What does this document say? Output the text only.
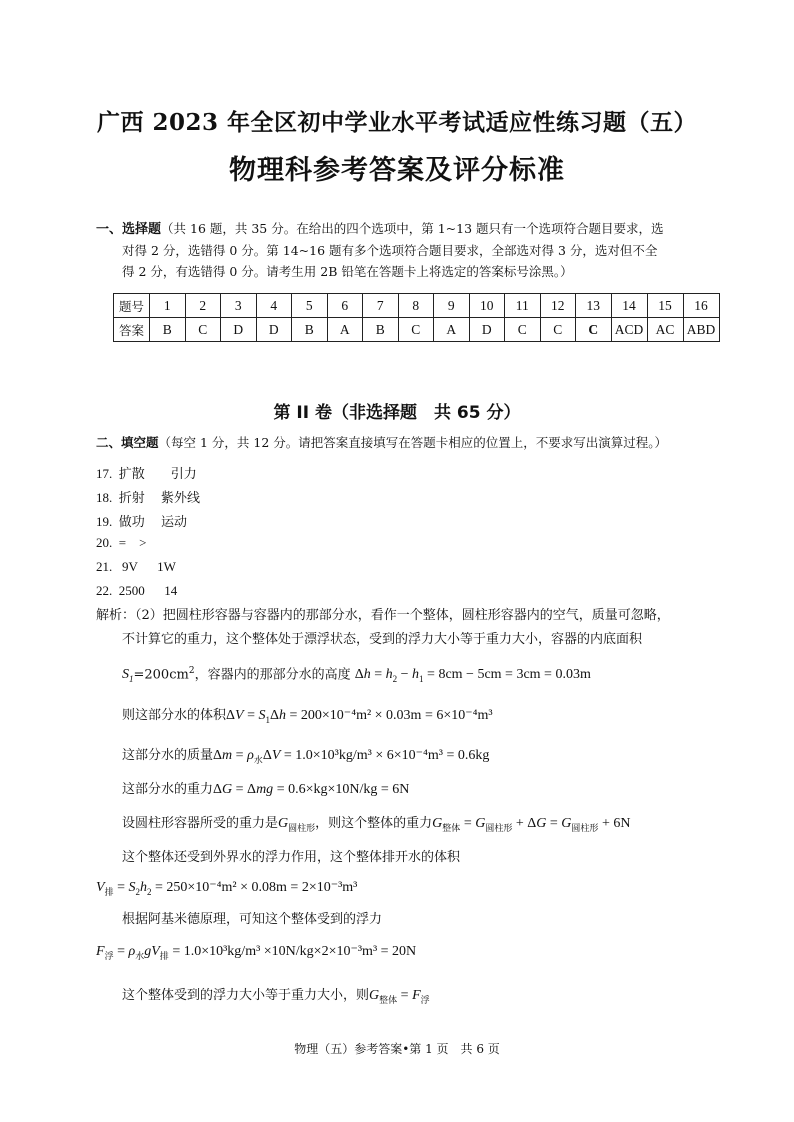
广西 2023 年全区初中学业水平考试适应性练习题（五）
物理科参考答案及评分标准
一、选择题（共 16 题，共 35 分。在给出的四个选项中，第 1~13 题只有一个选项符合题目要求，选
对得 2 分，选错得 0 分。第 14~16 题有多个选项符合题目要求，全部选对得 3 分，选对但不全
得 2 分，有选错得 0 分。请考生用 2B 铅笔在答题卡上将选定的答案标号涂黑。）
题号	1	2	3	4	5	6	7	8	9	10	11	12	13	14	15	16
答案	B	C	D	D	B	A	B	C	A	D	C	C	C	ACD	AC	ABD
第 II 卷（非选择题　共 65 分）
二、填空题（每空 1 分，共 12 分。请把答案直接填写在答题卡相应的位置上，不要求写出演算过程。）
17.  扩散        引力
18.  折射     紫外线
19.  做功     运动
20.  =    >
21.   9V      1W
22.  2500      14
解析：（2）把圆柱形容器与容器内的那部分水，看作一个整体，圆柱形容器内的空气，质量可忽略，
不计算它的重力，这个整体处于漂浮状态，受到的浮力大小等于重力大小，容器的内底面积
$S_1=200cm^2$，容器内的那部分水的高度 $\Delta h = h_2 - h_1 = 8cm - 5cm = 3cm = 0.03m$
则这部分水的体积$\Delta V = S_1\Delta h = 200\times 10^{-4}m^2 \times 0.03m = 6\times 10^{-4}m^3$
这部分水的质量$\Delta m = \rho_水\Delta V = 1.0\times 10^3kg/m^3 \times 6\times 10^{-4}m^3 = 0.6kg$
这部分水的重力ΔG = Δmg = 0.6×kg×10N/kg = 6N
设圆柱形容器所受的重力是$G_{圆柱形}$，则这个整体的重力$G_{整体} = G_{圆柱形} + \Delta G = G_{圆柱形} + 6N$
这个整体还受到外界水的浮力作用，这个整体排开水的体积
$V_排 = S_2h_2 = 250\times 10^{-4}m^2 \times 0.08m = 2\times 10^{-3}m^3$
根据阿基米德原理，可知这个整体受到的浮力
$F_浮 = \rho_水gV_排 = 1.0\times 10^3kg/m^3 \times 10N/kg\times 2\times 10^{-3}m^3 = 20N$
这个整体受到的浮力大小等于重力大小，则$G_{整体} = F_浮$
物理（五）参考答案•第 1 页　共 6 页
